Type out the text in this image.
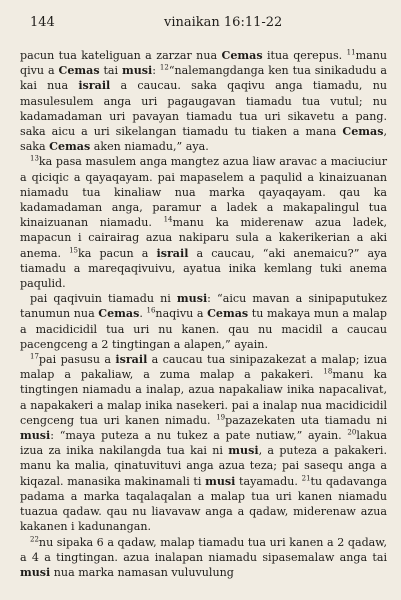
144	vinaikan 16:11-22

pacun tua kateliguan a zarzar nua Cemas itua qerepus. $^{11}$manu qivu a Cemas tai musi: $^{12}$“nalemangdanga ken tua sinikadudu a kai nua israil a caucau. saka qaqivu anga tiamadu, nu masulesulem anga uri pagaugavan tiamadu tua vutul; nu kadamadaman uri pavayan tiamadu tua uri sikavetu a pang. saka aicu a uri sikelangan tiamadu tu tiaken a mana Cemas, saka Cemas aken niamadu,” aya.

$^{13}$ka pasa masulem anga mangtez azua liaw aravac a maciuciur a qiciqic a qayaqayam. pai mapaselem a paqulid a kinaizuanan niamadu tua kinaliaw nua marka qayaqayam. qau ka kadamadaman anga, paramur a ladek a makapalingul tua kinaizuanan niamadu. $^{14}$manu ka miderenaw azua ladek, mapacun i cairairag azua nakiparu sula a kakerikerian a aki anema. $^{15}$ka pacun a israil a caucau, “aki anemaicu?” aya tiamadu a mareqaqivuivu, ayatua inika kemlang tuki anema paqulid.

pai qaqivuin tiamadu ni musi: “aicu mavan a sinipaputukez tanumun nua Cemas. $^{16}$naqivu a Cemas tu makaya mun a malap a macidicidil tua uri nu kanen. qau nu macidil a caucau pacengceng a 2 tingtingan a alapen,” ayain.

$^{17}$pai pasusu a israil a caucau tua sinipazakezat a malap; izua malap a pakaliaw, a zuma malap a pakakeri. $^{18}$manu ka tingtingen niamadu a inalap, azua napakaliaw inika napacalivat, a napakakeri a malap inika nasekeri. pai a inalap nua macidicidil cengceng tua uri kanen nimadu. $^{19}$pazazekaten uta tiamadu ni musi: “maya puteza a nu tukez a pate nutiaw,” ayain. $^{20}$lakua izua za inika nakilangda tua kai ni musi, a puteza a pakakeri. manu ka malia, qinatuvituvi anga azua teza; pai sasequ anga a kiqazal. manasika makinamali ti musi tayamadu. $^{21}$tu qadavanga padama a marka taqalaqalan a malap tua uri kanen niamadu tuazua qadaw. qau nu liavavaw anga a qadaw, miderenaw azua kakanen i kadunangan.

$^{22}$nu sipaka 6 a qadaw, malap tiamadu tua uri kanen a 2 qadaw, a 4 a tingtingan. azua inalapan niamadu sipasemalaw anga tai musi nua marka namasan vuluvulung
